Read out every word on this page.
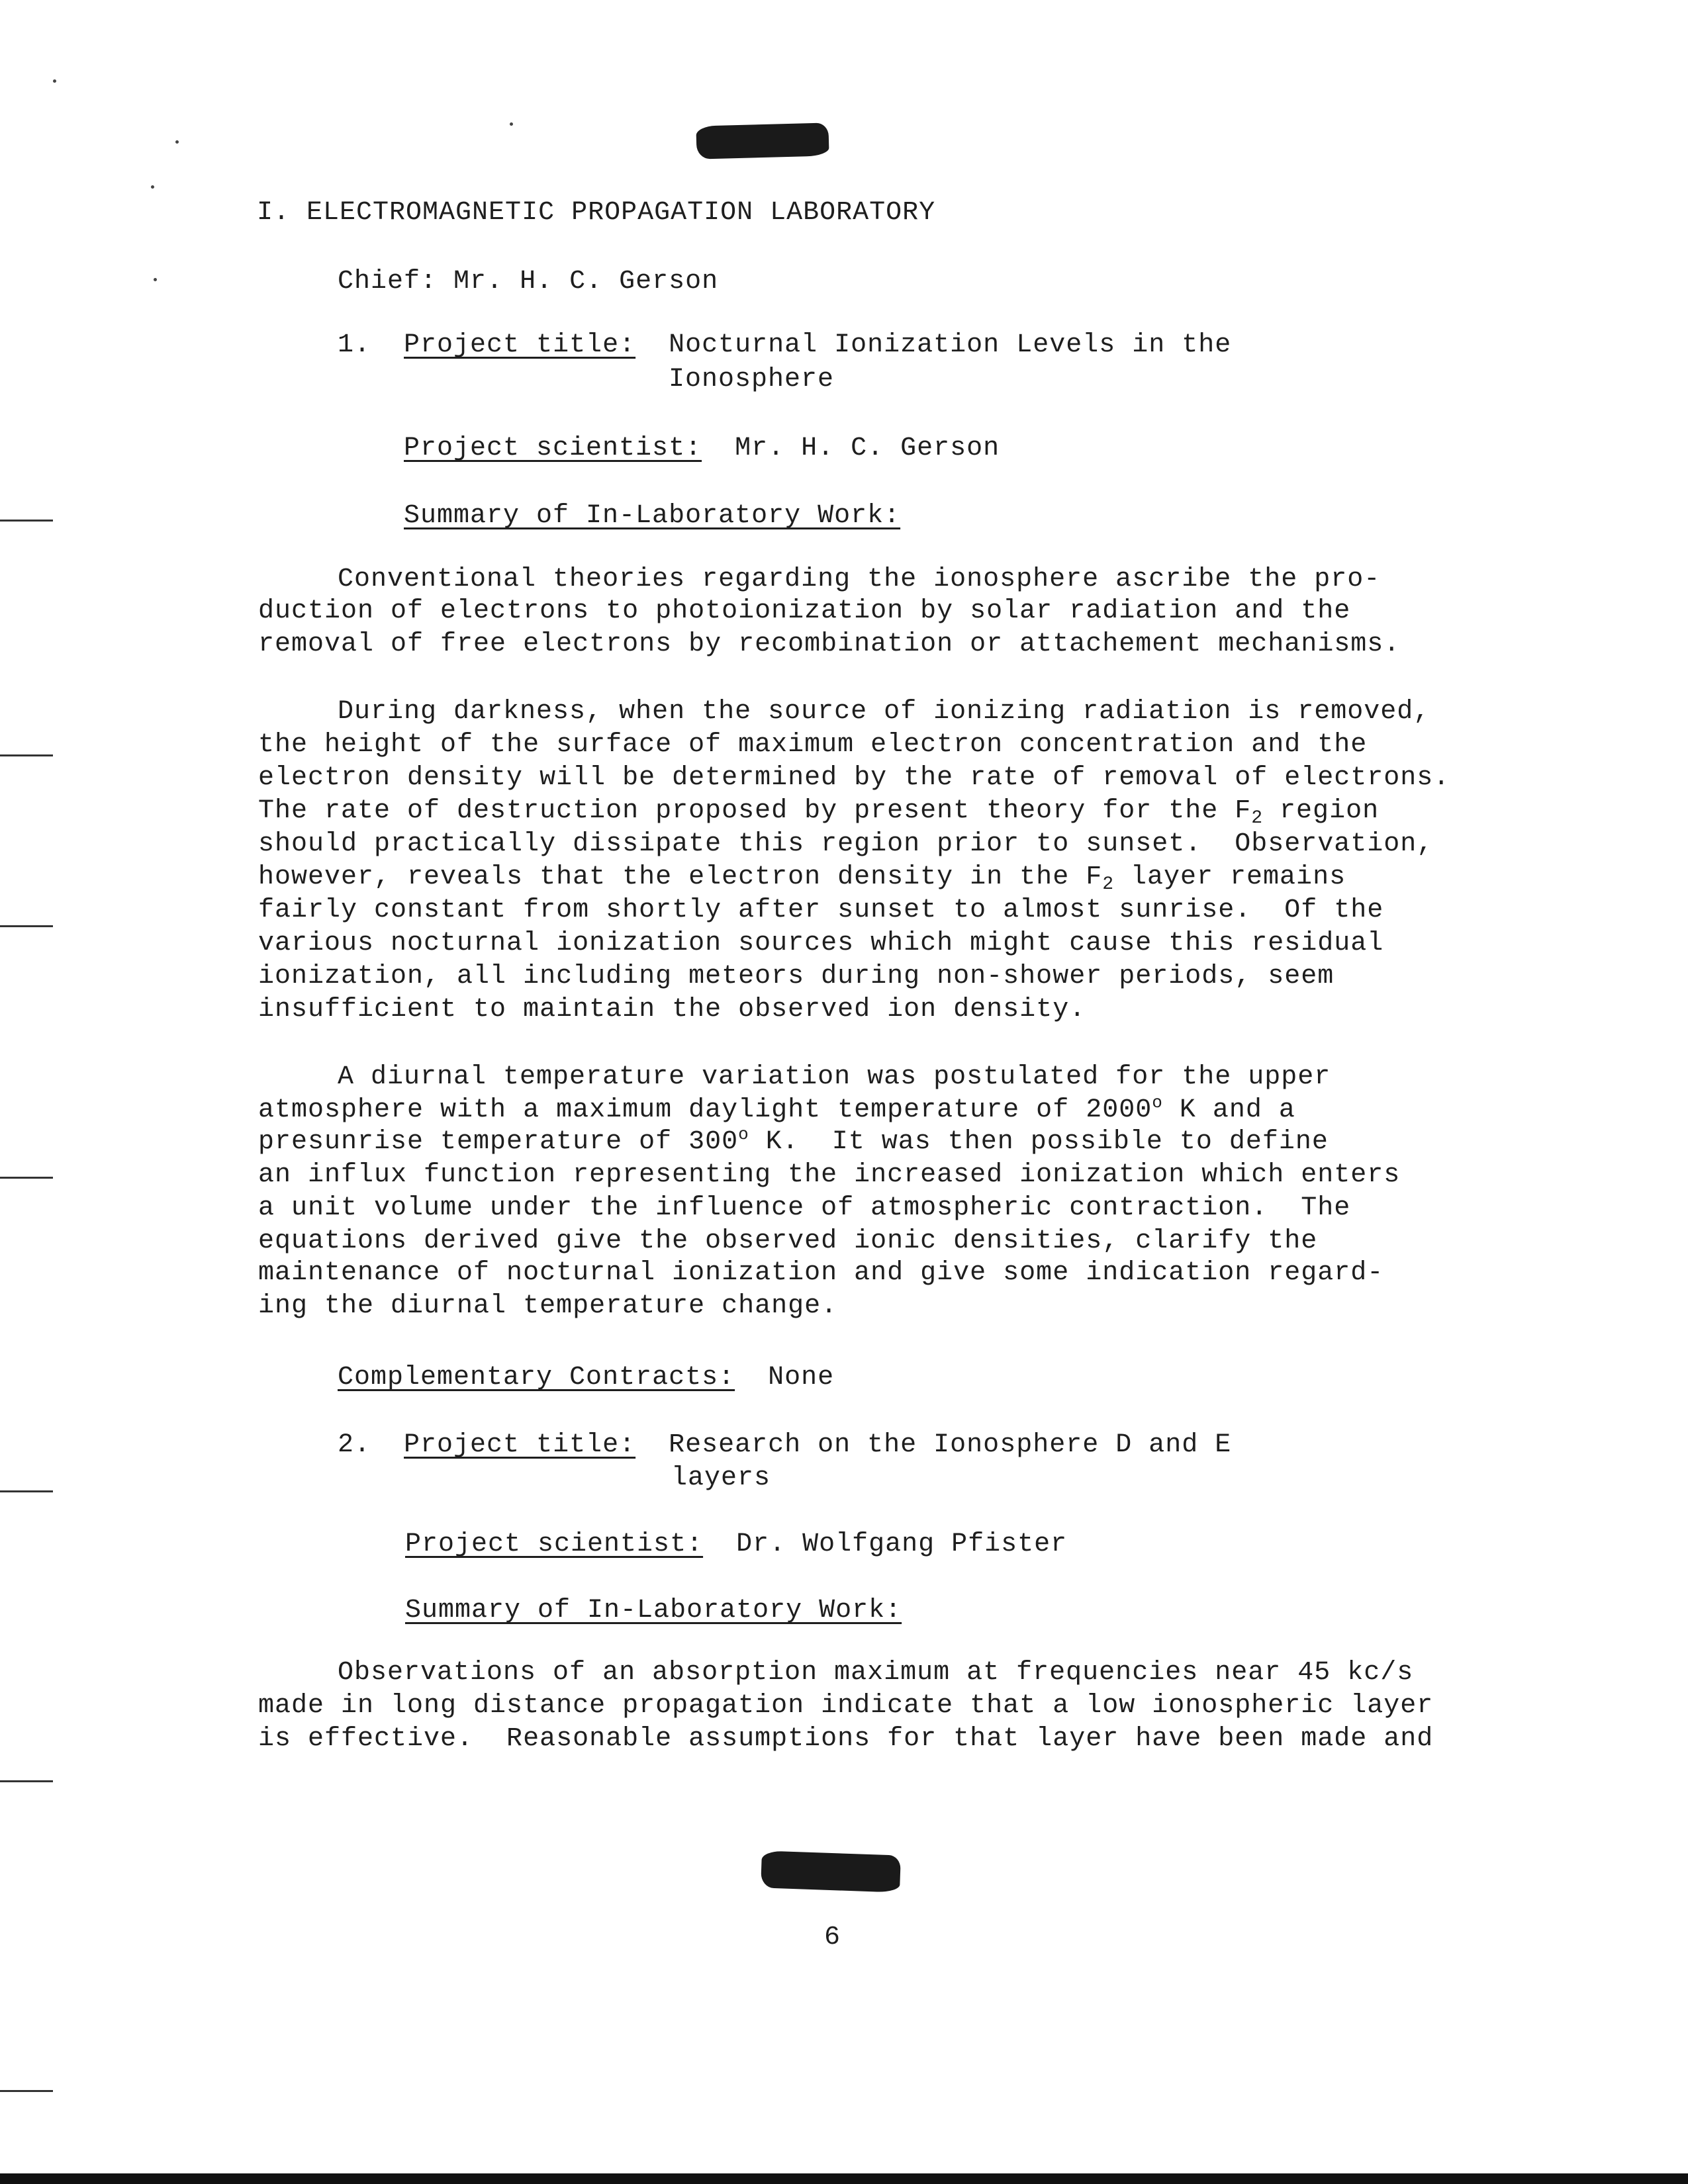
I. ELECTROMAGNETIC PROPAGATION LABORATORY
Chief: Mr. H. C. Gerson
1. Project title: Nocturnal Ionization Levels in the
Ionosphere
Project scientist: Mr. H. C. Gerson
Summary of In-Laboratory Work:
Conventional theories regarding the ionosphere ascribe the pro-
duction of electrons to photoionization by solar radiation and the
removal of free electrons by recombination or attachement mechanisms.
During darkness, when the source of ionizing radiation is removed,
the height of the surface of maximum electron concentration and the
electron density will be determined by the rate of removal of electrons.
The rate of destruction proposed by present theory for the $F_2$ region
should practically dissipate this region prior to sunset.  Observation,
however, reveals that the electron density in the $F_2$ layer remains
fairly constant from shortly after sunset to almost sunrise.  Of the
various nocturnal ionization sources which might cause this residual
ionization, all including meteors during non-shower periods, seem
insufficient to maintain the observed ion density.
A diurnal temperature variation was postulated for the upper
atmosphere with a maximum daylight temperature of 2000$^o$ K and a
presunrise temperature of 300$^o$ K.  It was then possible to define
an influx function representing the increased ionization which enters
a unit volume under the influence of atmospheric contraction.  The
equations derived give the observed ionic densities, clarify the
maintenance of nocturnal ionization and give some indication regard-
ing the diurnal temperature change.
Complementary Contracts: None
2. Project title: Research on the Ionosphere D and E
layers
Project scientist: Dr. Wolfgang Pfister
Summary of In-Laboratory Work:
Observations of an absorption maximum at frequencies near 45 kc/s
made in long distance propagation indicate that a low ionospheric layer
is effective.  Reasonable assumptions for that layer have been made and
6
